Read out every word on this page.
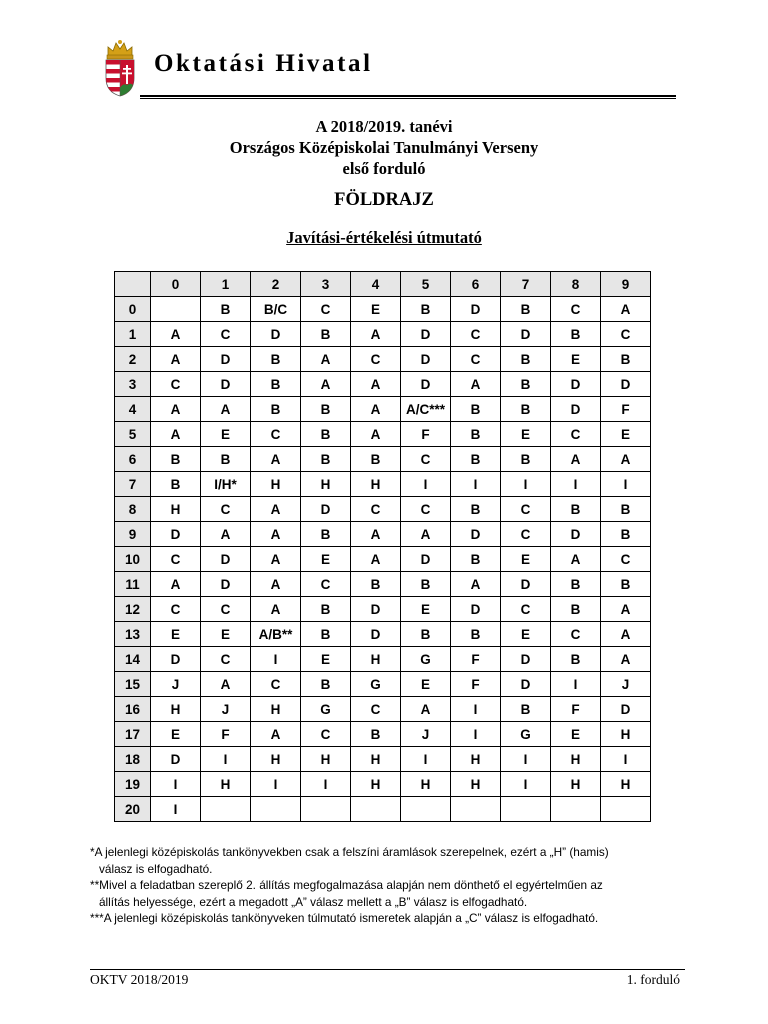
Oktatási Hivatal
A 2018/2019. tanévi
Országos Középiskolai Tanulmányi Verseny
első forduló
FÖLDRAJZ
Javítási-értékelési útmutató
	0	1	2	3	4	5	6	7	8	9
0		B	B/C	C	E	B	D	B	C	A
1	A	C	D	B	A	D	C	D	B	C
2	A	D	B	A	C	D	C	B	E	B
3	C	D	B	A	A	D	A	B	D	D
4	A	A	B	B	A	A/C***	B	B	D	F
5	A	E	C	B	A	F	B	E	C	E
6	B	B	A	B	B	C	B	B	A	A
7	B	I/H*	H	H	H	I	I	I	I	I
8	H	C	A	D	C	C	B	C	B	B
9	D	A	A	B	A	A	D	C	D	B
10	C	D	A	E	A	D	B	E	A	C
11	A	D	A	C	B	B	A	D	B	B
12	C	C	A	B	D	E	D	C	B	A
13	E	E	A/B**	B	D	B	B	E	C	A
14	D	C	I	E	H	G	F	D	B	A
15	J	A	C	B	G	E	F	D	I	J
16	H	J	H	G	C	A	I	B	F	D
17	E	F	A	C	B	J	I	G	E	H
18	D	I	H	H	H	I	H	I	H	I
19	I	H	I	I	H	H	H	I	H	H
20	I									

*A jelenlegi középiskolás tankönyvekben csak a felszíni áramlások szerepelnek, ezért a „H” (hamis)

válasz is elfogadható.

**Mivel a feladatban szereplő 2. állítás megfogalmazása alapján nem dönthető el egyértelműen az

állítás helyessége, ezért a megadott „A” válasz mellett a „B” válasz is elfogadható.

***A jelenlegi középiskolás tankönyveken túlmutató ismeretek alapján a „C” válasz is elfogadható.

OKTV 2018/2019	1. forduló
